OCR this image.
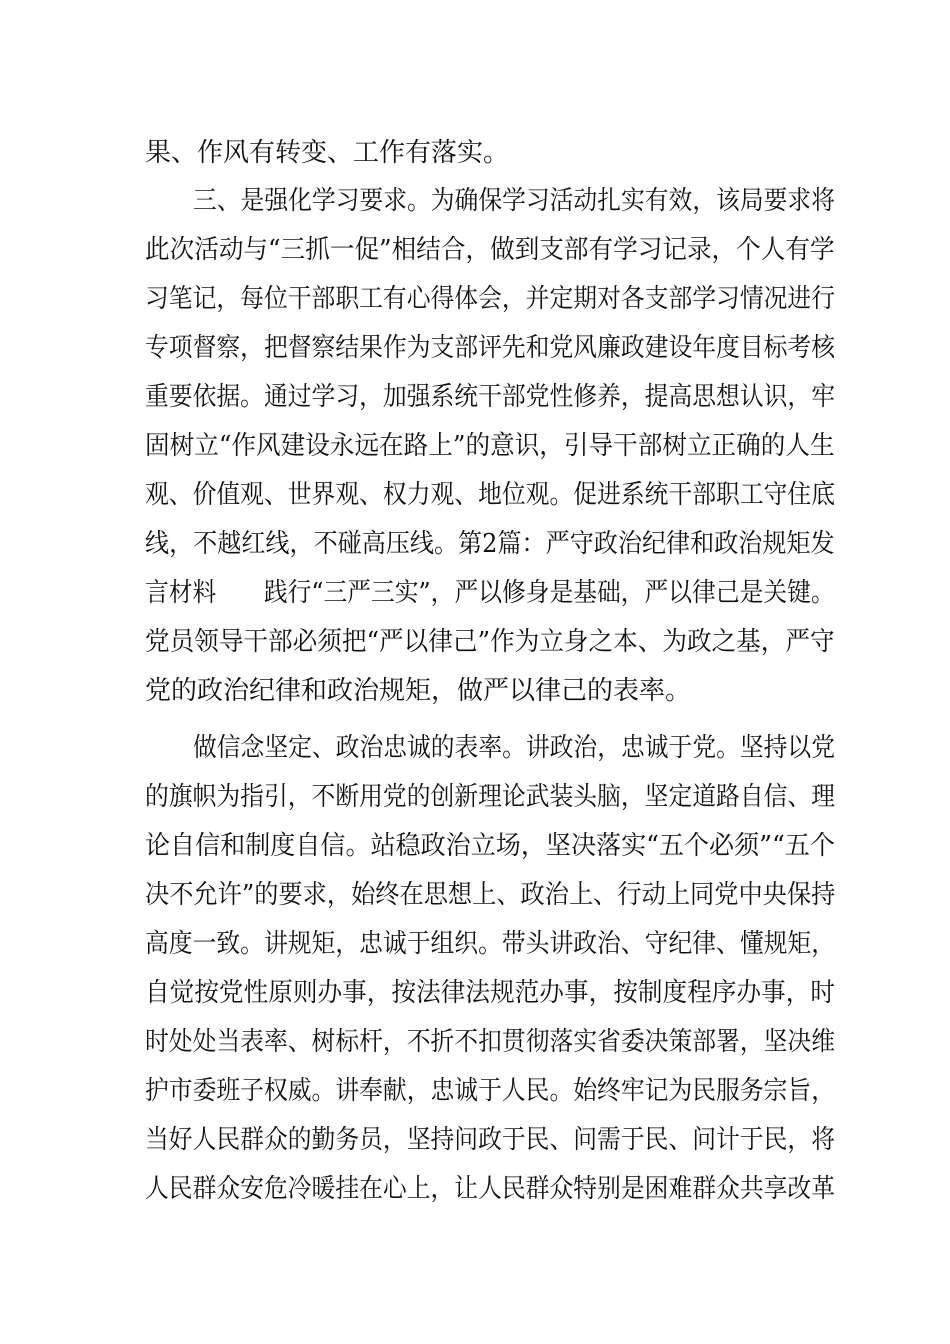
果、作风有转变、工作有落实。
三、是强化学习要求。为确保学习活动扎实有效，该局要求将
此次活动与“三抓一促”相结合，做到支部有学习记录，个人有学
习笔记，每位干部职工有心得体会，并定期对各支部学习情况进行
专项督察，把督察结果作为支部评先和党风廉政建设年度目标考核
重要依据。通过学习，加强系统干部党性修养，提高思想认识，牢
固树立“作风建设永远在路上”的意识，引导干部树立正确的人生
观、价值观、世界观、权力观、地位观。促进系统干部职工守住底
线，不越红线，不碰高压线。第2篇：严守政治纪律和政治规矩发
言材料 践行“三严三实”，严以修身是基础，严以律己是关键。
党员领导干部必须把“严以律己”作为立身之本、为政之基，严守
党的政治纪律和政治规矩，做严以律己的表率。
做信念坚定、政治忠诚的表率。讲政治，忠诚于党。坚持以党
的旗帜为指引，不断用党的创新理论武装头脑，坚定道路自信、理
论自信和制度自信。站稳政治立场，坚决落实“五个必须”“五个
决不允许”的要求，始终在思想上、政治上、行动上同党中央保持
高度一致。讲规矩，忠诚于组织。带头讲政治、守纪律、懂规矩，
自觉按党性原则办事，按法律法规范办事，按制度程序办事，时
时处处当表率、树标杆，不折不扣贯彻落实省委决策部署，坚决维
护市委班子权威。讲奉献，忠诚于人民。始终牢记为民服务宗旨，
当好人民群众的勤务员，坚持问政于民、问需于民、问计于民，将
人民群众安危冷暖挂在心上，让人民群众特别是困难群众共享改革
